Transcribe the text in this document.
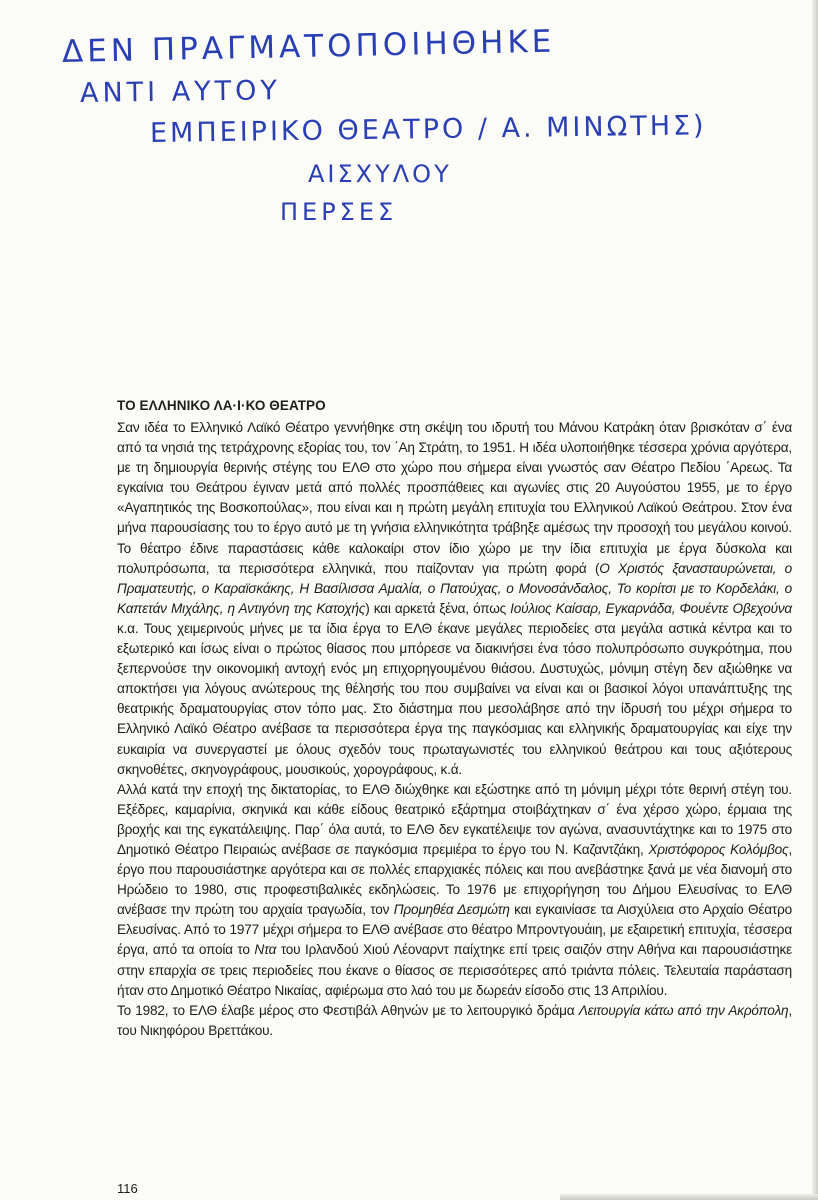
ΔΕΝ ΠΡΑΓΜΑΤΟΠΟΙΗΘΗΚΕ
ΑΝΤΙ ΑΥΤΟΥ
ΕΜΠΕΙΡΙΚΟ ΘΕΑΤΡΟ / Α. ΜΙΝΩΤΗΣ)
ΑΙΣΧΥΛΟΥ
ΠΕΡΣΕΣ
ΤΟ ΕΛΛΗΝΙΚΟ ΛΑ·Ι·ΚΟ ΘΕΑΤΡΟ

Σαν ιδέα το Ελληνικό Λαϊκό Θέατρο γεννήθηκε στη σκέψη του ιδρυτή του Μάνου Κατράκη όταν βρισκόταν σ΄ ένα από τα νησιά της τετράχρονης εξορίας του, τον ΄Αη Στράτη, το 1951. Η ιδέα υλοποιήθηκε τέσσερα χρόνια αργότερα, με τη δημιουργία θερινής στέγης του ΕΛΘ στο χώρο που σήμερα είναι γνωστός σαν Θέατρο Πεδίου ΄Αρεως. Τα εγκαίνια του Θεάτρου έγιναν μετά από πολλές προσπάθειες και αγωνίες στις 20 Αυγούστου 1955, με το έργο «Αγαπητικός της Βοσκοπούλας», που είναι και η πρώτη μεγάλη επιτυχία του Ελληνικού Λαϊκού Θεάτρου. Στον ένα μήνα παρουσίασης του το έργο αυτό με τη γνήσια ελληνικότητα τράβηξε αμέσως την προσοχή του μεγάλου κοινού. Το θέατρο έδινε παραστάσεις κάθε καλοκαίρι στον ίδιο χώρο με την ίδια επιτυχία με έργα δύσκολα και πολυπρόσωπα, τα περισσότερα ελληνικά, που παίζονταν για πρώτη φορά (Ο Χριστός ξανασταυρώνεται, ο Πραματευτής, ο Καραϊσκάκης, Η Βασίλισσα Αμαλία, ο Πατούχας, ο Μονοσάνδαλος, Το κορίτσι με το Κορδελάκι, ο Καπετάν Μιχάλης, η Αντιγόνη της Κατοχής) και αρκετά ξένα, όπως Ιούλιος Καίσαρ, Εγκαρνάδα, Φουέντε Οβεχούνα κ.α. Τους χειμερινούς μήνες με τα ίδια έργα το ΕΛΘ έκανε μεγάλες περιοδείες στα μεγάλα αστικά κέντρα και το εξωτερικό και ίσως είναι ο πρώτος θίασος που μπόρεσε να διακινήσει ένα τόσο πολυπρόσωπο συγκρότημα, που ξεπερνούσε την οικονομική αντοχή ενός μη επιχορηγουμένου θιάσου. Δυστυχώς, μόνιμη στέγη δεν αξιώθηκε να αποκτήσει για λόγους ανώτερους της θέλησής του που συμβαίνει να είναι και οι βασικοί λόγοι υπανάπτυξης της θεατρικής δραματουργίας στον τόπο μας. Στο διάστημα που μεσολάβησε από την ίδρυσή του μέχρι σήμερα το Ελληνικό Λαϊκό Θέατρο ανέβασε τα περισσότερα έργα της παγκόσμιας και ελληνικής δραματουργίας και είχε την ευκαιρία να συνεργαστεί με όλους σχεδόν τους πρωταγωνιστές του ελληνικού θεάτρου και τους αξιότερους σκηνοθέτες, σκηνογράφους, μουσικούς, χορογράφους, κ.ά.

Αλλά κατά την εποχή της δικτατορίας, το ΕΛΘ διώχθηκε και εξώστηκε από τη μόνιμη μέχρι τότε θερινή στέγη του. Εξέδρες, καμαρίνια, σκηνικά και κάθε είδους θεατρικό εξάρτημα στοιβάχτηκαν σ΄ ένα χέρσο χώρο, έρμαια της βροχής και της εγκατάλειψης. Παρ΄ όλα αυτά, το ΕΛΘ δεν εγκατέλειψε τον αγώνα, ανασυντάχτηκε και το 1975 στο Δημοτικό Θέατρο Πειραιώς ανέβασε σε παγκόσμια πρεμιέρα το έργο του Ν. Καζαντζάκη, Χριστόφορος Κολόμβος, έργο που παρουσιάστηκε αργότερα και σε πολλές επαρχιακές πόλεις και που ανεβάστηκε ξανά με νέα διανομή στο Ηρώδειο το 1980, στις προφεστιβαλικές εκδηλώσεις. Το 1976 με επιχορήγηση του Δήμου Ελευσίνας το ΕΛΘ ανέβασε την πρώτη του αρχαία τραγωδία, τον Προμηθέα Δεσμώτη και εγκαινίασε τα Αισχύλεια στο Αρχαίο Θέατρο Ελευσίνας. Από το 1977 μέχρι σήμερα το ΕΛΘ ανέβασε στο θέατρο Μπροντγουάιη, με εξαιρετική επιτυχία, τέσσερα έργα, από τα οποία το Ντα του Ιρλανδού Χιού Λέοναρντ παίχτηκε επί τρεις σαιζόν στην Αθήνα και παρουσιάστηκε στην επαρχία σε τρεις περιοδείες που έκανε ο θίασος σε περισσότερες από τριάντα πόλεις. Τελευταία παράσταση ήταν στο Δημοτικό Θέατρο Νικαίας, αφιέρωμα στο λαό του με δωρεάν είσοδο στις 13 Απριλίου.

Το 1982, το ΕΛΘ έλαβε μέρος στο Φεστιβάλ Αθηνών με το λειτουργικό δράμα Λειτουργία κάτω από την Ακρόπολη, του Νικηφόρου Βρεττάκου.

116
